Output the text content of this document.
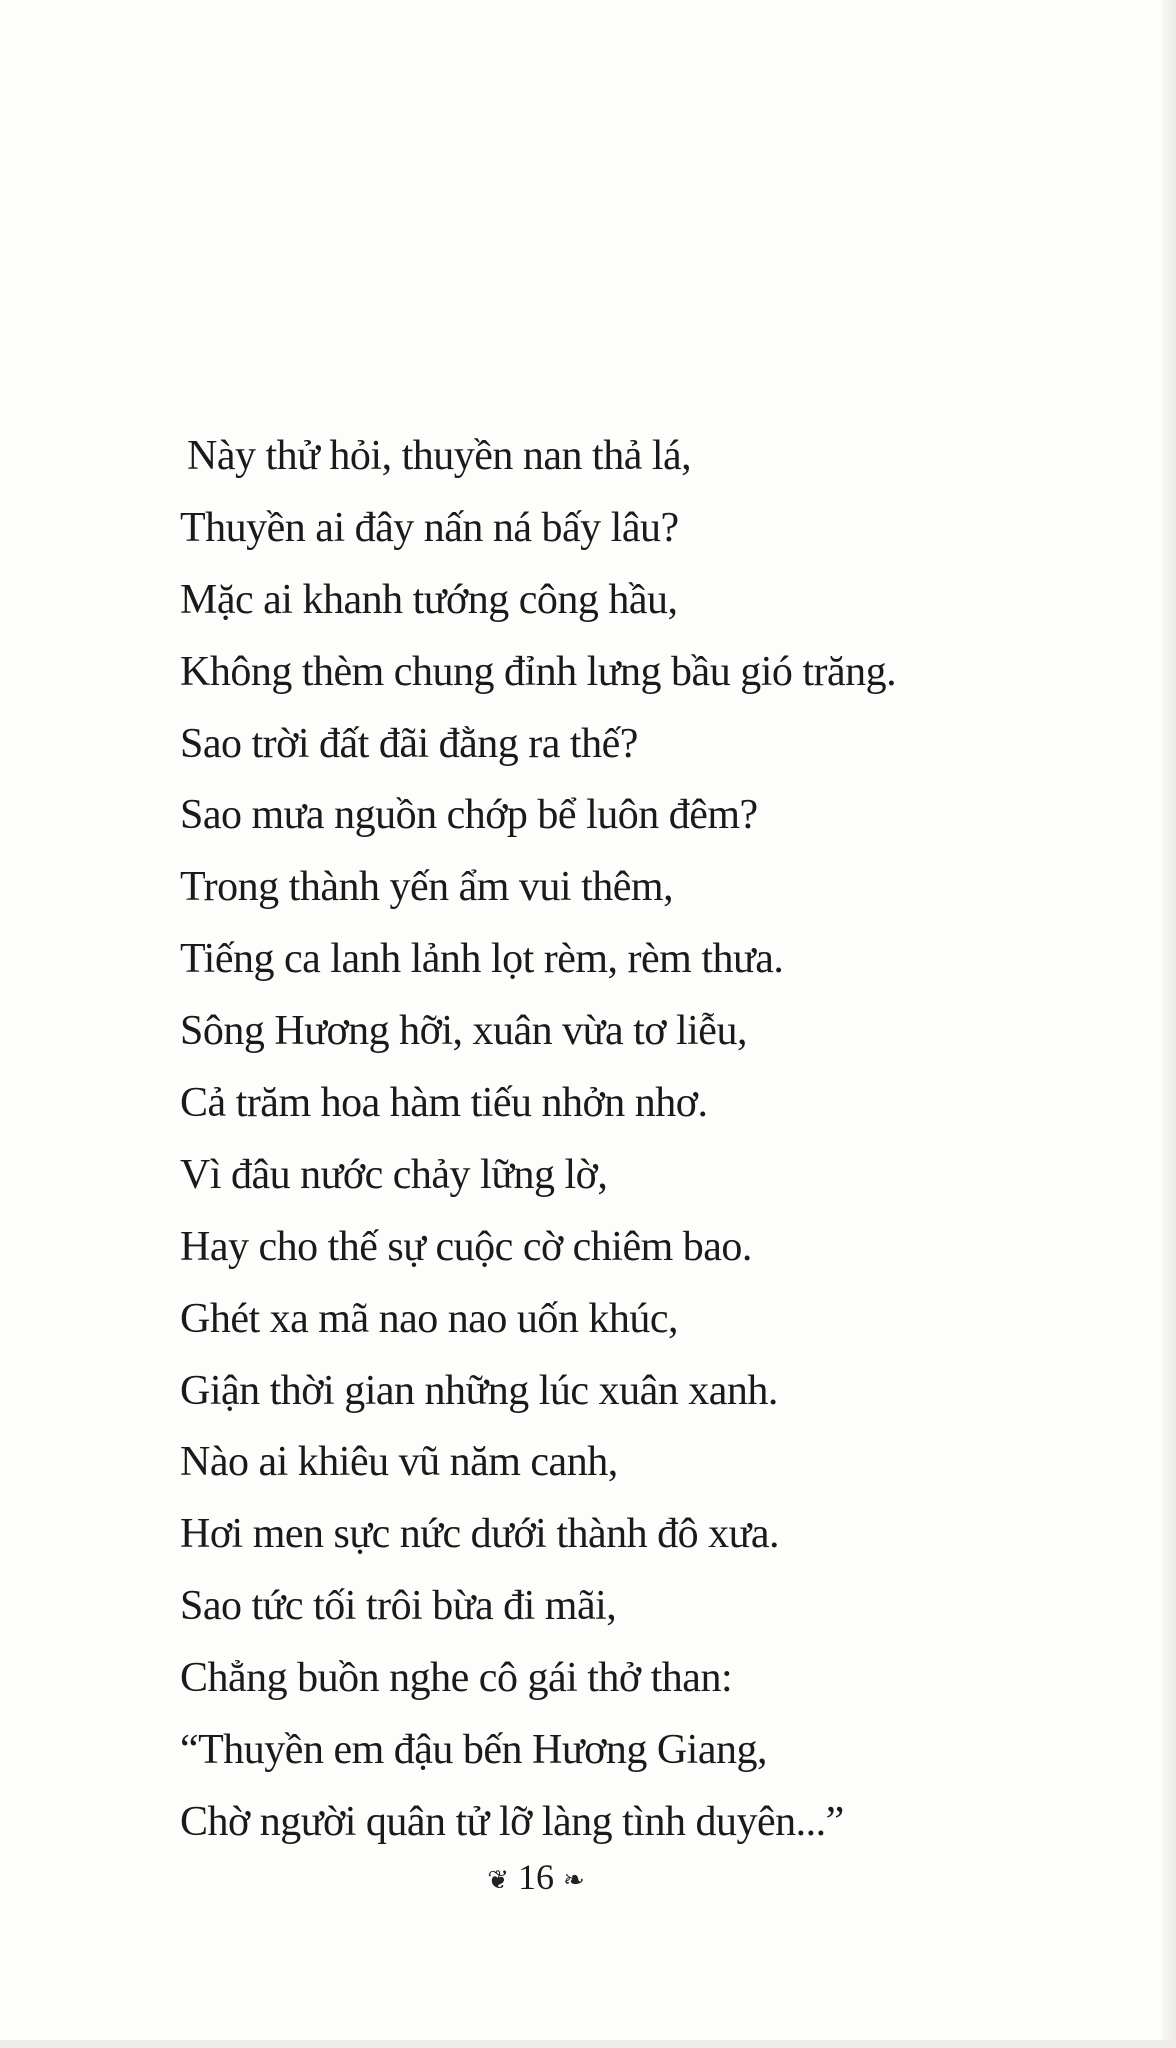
Này thử hỏi, thuyền nan thả lá,
Thuyền ai đây nấn ná bấy lâu?
Mặc ai khanh tướng công hầu,
Không thèm chung đỉnh lưng bầu gió trăng.
Sao trời đất đãi đằng ra thế?
Sao mưa nguồn chớp bể luôn đêm?
Trong thành yến ẩm vui thêm,
Tiếng ca lanh lảnh lọt rèm, rèm thưa.
Sông Hương hỡi, xuân vừa tơ liễu,
Cả trăm hoa hàm tiếu nhởn nhơ.
Vì đâu nước chảy lững lờ,
Hay cho thế sự cuộc cờ chiêm bao.
Ghét xa mã nao nao uốn khúc,
Giận thời gian những lúc xuân xanh.
Nào ai khiêu vũ năm canh,
Hơi men sực nức dưới thành đô xưa.
Sao tức tối trôi bừa đi mãi,
Chẳng buồn nghe cô gái thở than:
“Thuyền em đậu bến Hương Giang,
Chờ người quân tử lỡ làng tình duyên...”
❦ 16 ❧
